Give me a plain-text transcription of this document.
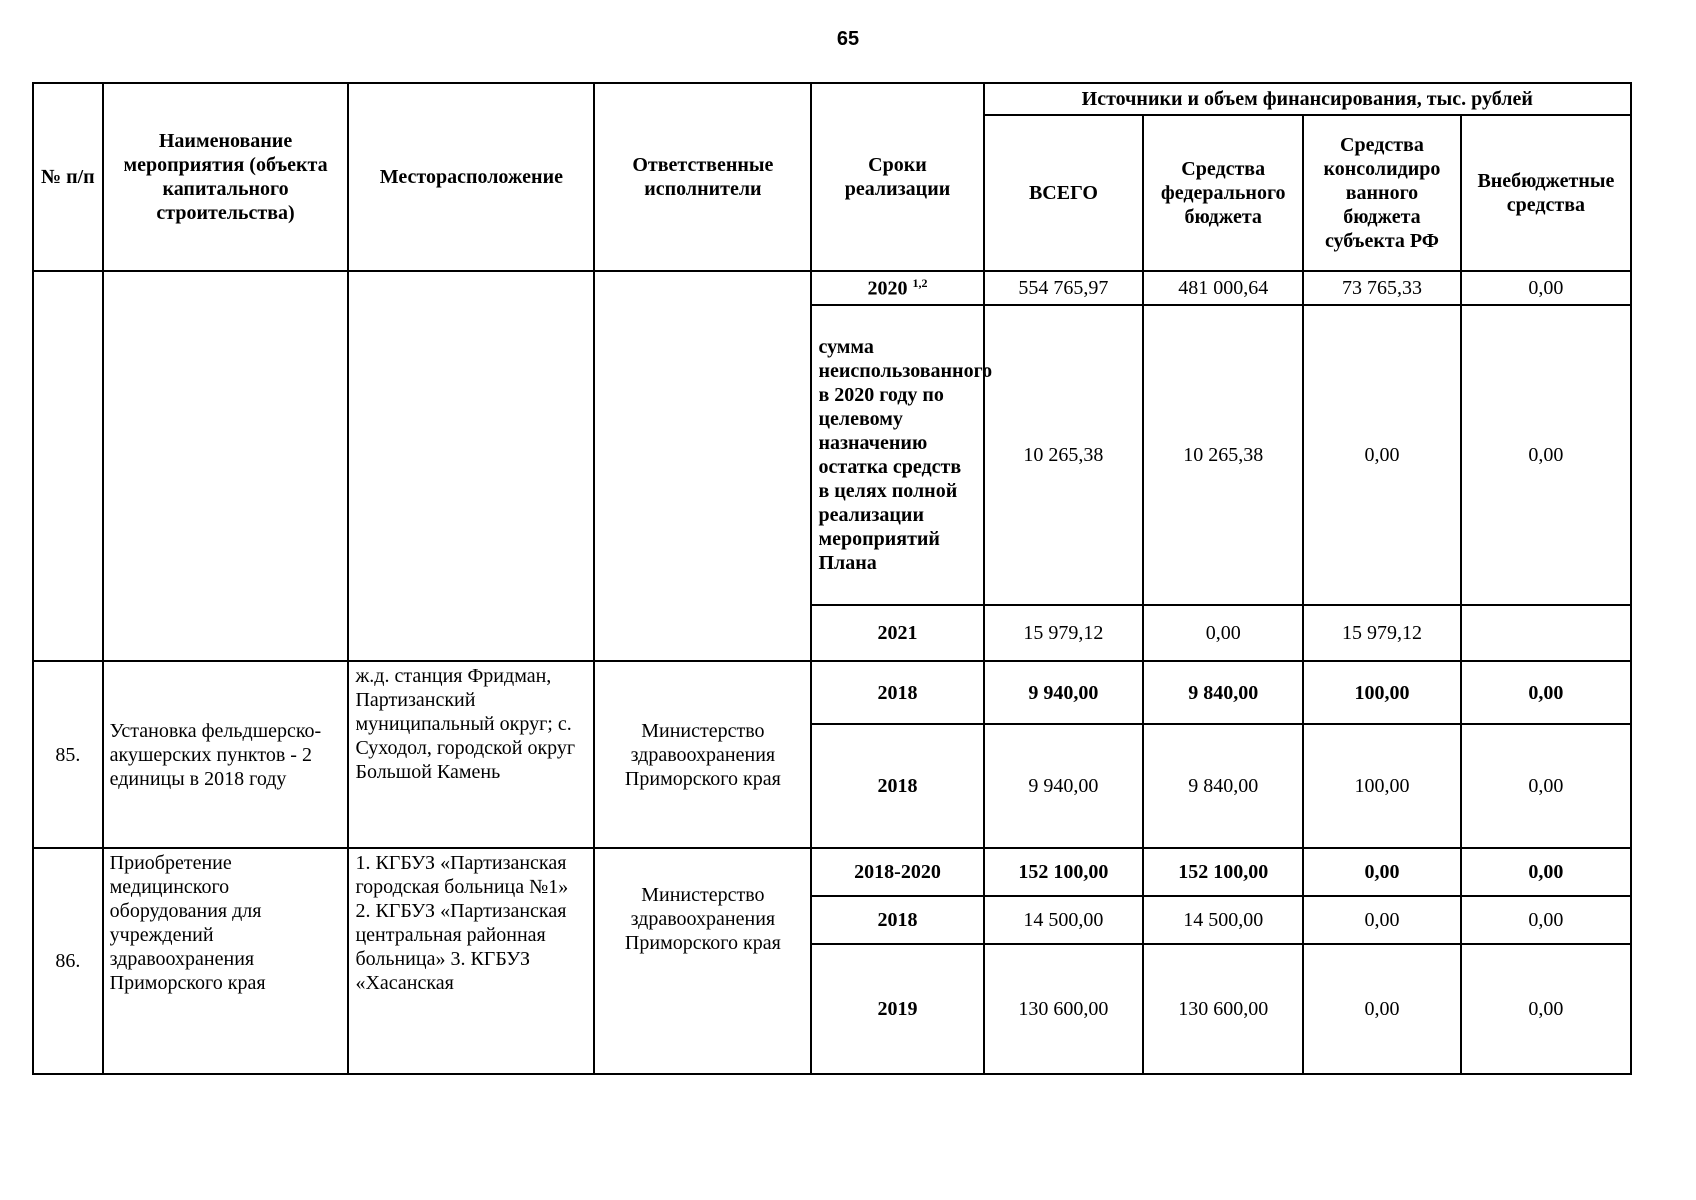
65
№ п/п	Наименование мероприятия (объекта капитального строительства)	Месторасположение	Ответственные исполнители	Сроки реализации	Источники и объем финансирования, тыс. рублей			
					ВСЕГО	Средства федерального бюджета	Средства консолидиро ванного бюджета субъекта РФ	Внебюджетные средства
				2020 $^{1,2}$	554 765,97	481 000,64	73 765,33	0,00
				сумма неиспользованного в 2020 году по целевому назначению остатка средств в целях полной реализации мероприятий Плана	10 265,38	10 265,38	0,00	0,00
				2021	15 979,12	0,00	15 979,12	
85.	Установка фельдшерско-акушерских пунктов - 2 единицы в 2018 году	ж.д. станция Фридман, Партизанский муниципальный округ; с. Суходол, городской округ Большой Камень	Министерство здравоохранения Приморского края	2018	9 940,00	9 840,00	100,00	0,00
				2018	9 940,00	9 840,00	100,00	0,00
86.	Приобретение медицинского оборудования для учреждений здравоохранения Приморского края	1. КГБУЗ «Партизанская городская больница №1» 2. КГБУЗ «Партизанская центральная районная больница» 3. КГБУЗ «Хасанская	Министерство здравоохранения Приморского края	2018-2020	152 100,00	152 100,00	0,00	0,00
				2018	14 500,00	14 500,00	0,00	0,00
				2019	130 600,00	130 600,00	0,00	0,00
